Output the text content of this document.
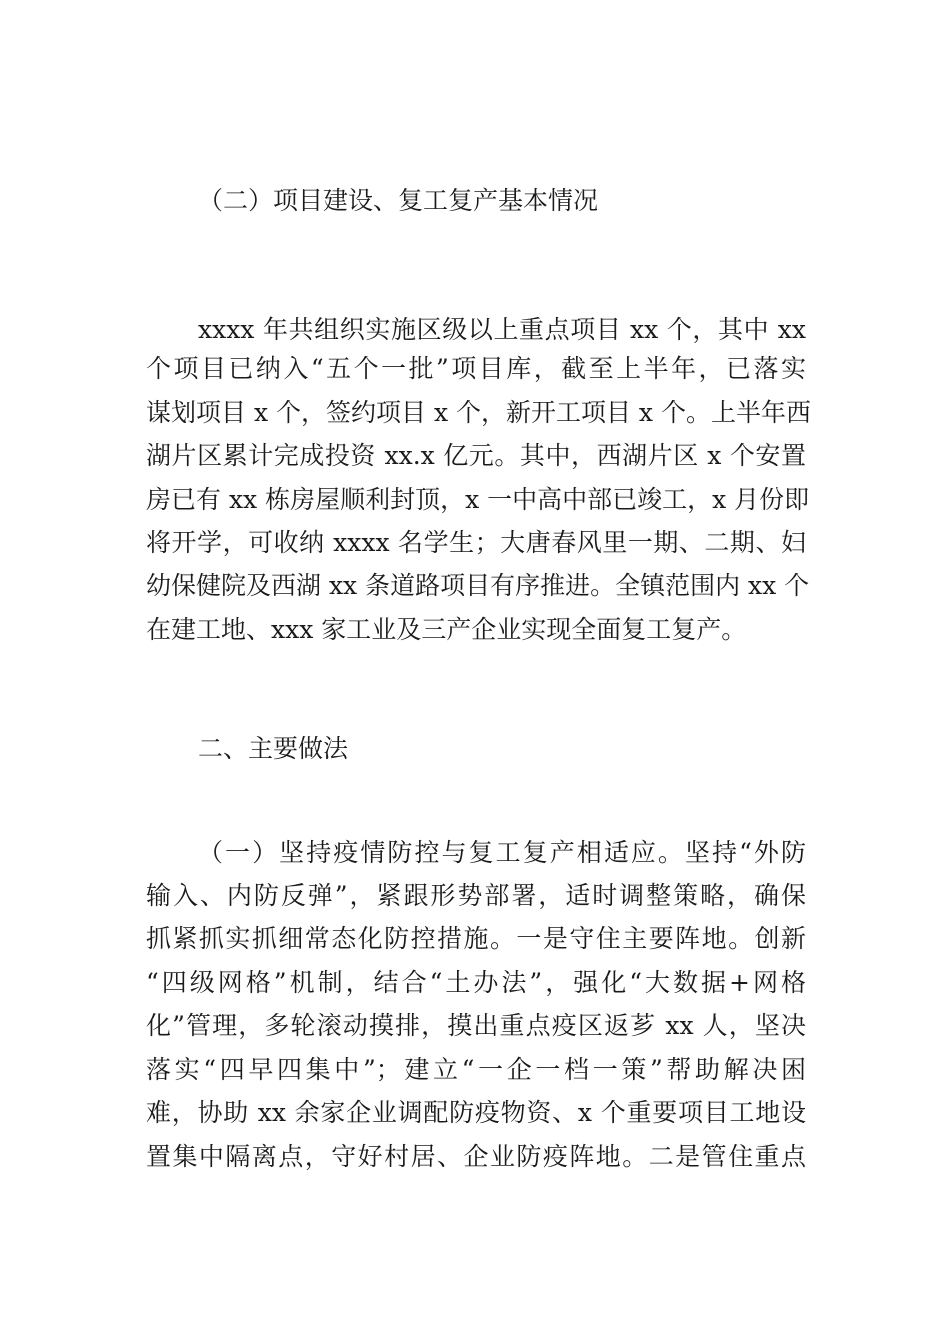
（二）项目建设、复工复产基本情况
xxxx 年共组织实施区级以上重点项目 xx 个，其中 xx
个项目已纳入“五个一批”项目库，截至上半年，已落实
谋划项目 x 个，签约项目 x 个，新开工项目 x 个。上半年西
湖片区累计完成投资 xx.x 亿元。其中，西湖片区 x 个安置
房已有 xx 栋房屋顺利封顶，x 一中高中部已竣工，x 月份即
将开学，可收纳 xxxx 名学生；大唐春风里一期、二期、妇
幼保健院及西湖 xx 条道路项目有序推进。全镇范围内 xx 个
在建工地、xxx 家工业及三产企业实现全面复工复产。
二、主要做法
（一）坚持疫情防控与复工复产相适应。坚持“外防
输入、内防反弹”，紧跟形势部署，适时调整策略，确保
抓紧抓实抓细常态化防控措施。一是守住主要阵地。创新
“四级网格”机制，结合“土办法”，强化“大数据+网格
化”管理，多轮滚动摸排，摸出重点疫区返芗 xx 人，坚决
落实“四早四集中”；建立“一企一档一策”帮助解决困
难，协助 xx 余家企业调配防疫物资、x 个重要项目工地设
置集中隔离点，守好村居、企业防疫阵地。二是管住重点
